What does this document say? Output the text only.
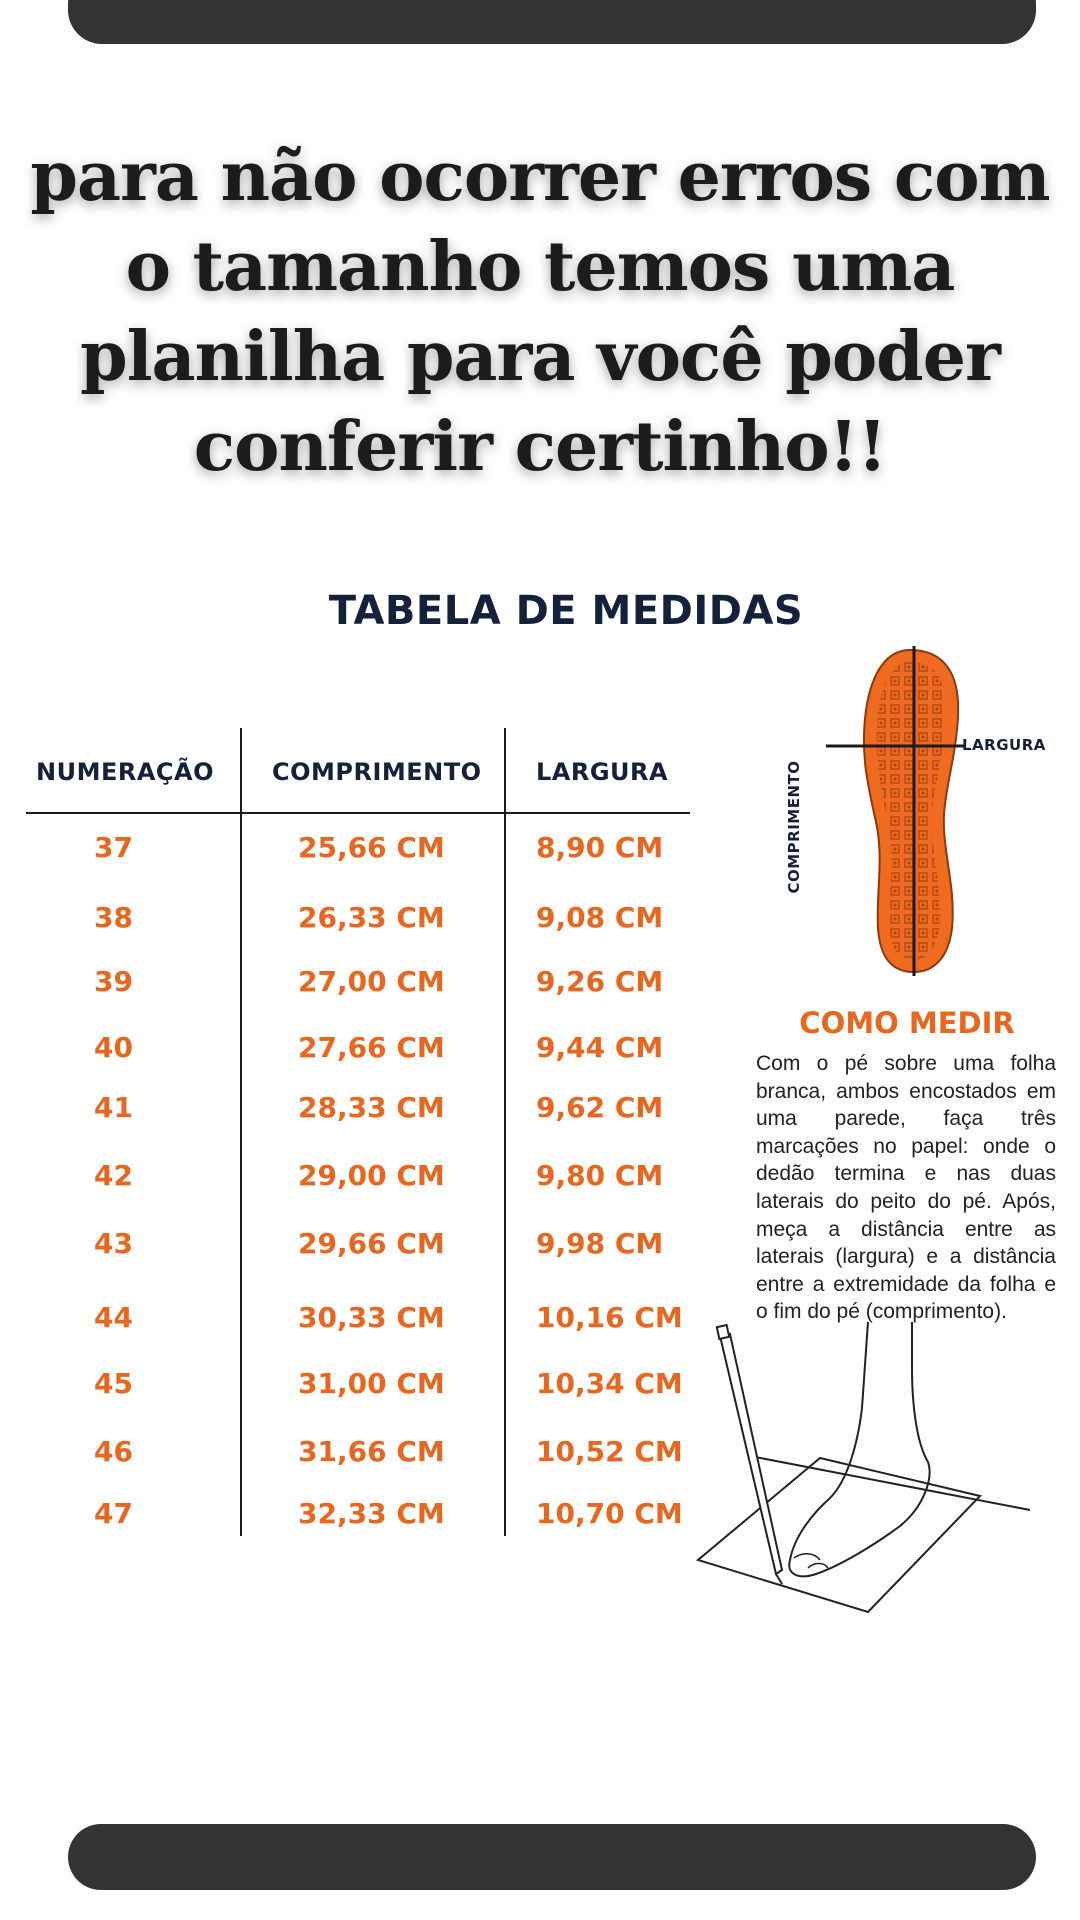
para não ocorrer erros com o tamanho temos uma planilha para você poder conferir certinho!!
TABELA DE MEDIDAS
NUMERAÇÃO COMPRIMENTO LARGURA
37	25,66 CM	8,90 CM
38	26,33 CM	9,08 CM
39	27,00 CM	9,26 CM
40	27,66 CM	9,44 CM
41	28,33 CM	9,62 CM
42	29,00 CM	9,80 CM
43	29,66 CM	9,98 CM
44	30,33 CM	10,16 CM
45	31,00 CM	10,34 CM
46	31,66 CM	10,52 CM
47	32,33 CM	10,70 CM
LARGURA
COMPRIMENTO
COMO MEDIR

Com o pé sobre uma folha branca, ambos encostados em uma parede, faça três marcações no papel: onde o dedão termina e nas duas laterais do peito do pé. Após, meça a distância entre as laterais (largura) e a distância entre a extremidade da folha e o fim do pé (comprimento).
